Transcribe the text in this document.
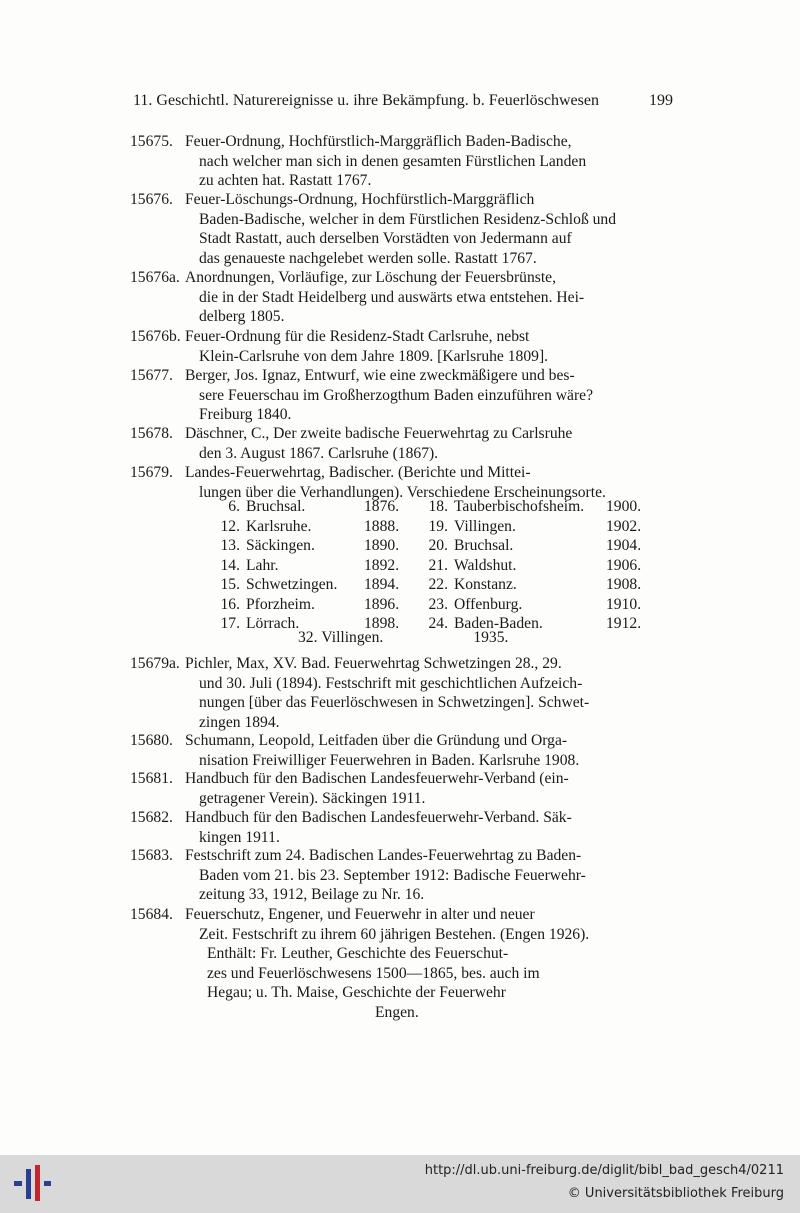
11. Geschichtl. Naturereignisse u. ihre Bekämpfung. b. Feuerlöschwesen	199
15675. Feuer-Ordnung, Hochfürstlich-Marggräflich Baden-Badische,
nach welcher man sich in denen gesamten Fürstlichen Landen
zu achten hat. Rastatt 1767.
15676. Feuer-Löschungs-Ordnung, Hochfürstlich-Marggräflich
Baden-Badische, welcher in dem Fürstlichen Residenz-Schloß und
Stadt Rastatt, auch derselben Vorstädten von Jedermann auf
das genaueste nachgelebet werden solle. Rastatt 1767.
15676a. Anordnungen, Vorläufige, zur Löschung der Feuersbrünste,
die in der Stadt Heidelberg und auswärts etwa entstehen. Hei-
delberg 1805.
15676b. Feuer-Ordnung für die Residenz-Stadt Carlsruhe, nebst
Klein-Carlsruhe von dem Jahre 1809. [Karlsruhe 1809].
15677. Berger, Jos. Ignaz, Entwurf, wie eine zweckmäßigere und bes-
sere Feuerschau im Großherzogthum Baden einzuführen wäre?
Freiburg 1840.
15678. Däschner, C., Der zweite badische Feuerwehrtag zu Carlsruhe
den 3. August 1867. Carlsruhe (1867).
15679. Landes-Feuerwehrtag, Badischer. (Berichte und Mittei-
lungen über die Verhandlungen). Verschiedene Erscheinungsorte.
15679a. Pichler, Max, XV. Bad. Feuerwehrtag Schwetzingen 28., 29.
und 30. Juli (1894). Festschrift mit geschichtlichen Aufzeich-
nungen [über das Feuerlöschwesen in Schwetzingen]. Schwet-
zingen 1894.
15680. Schumann, Leopold, Leitfaden über die Gründung und Orga-
nisation Freiwilliger Feuerwehren in Baden. Karlsruhe 1908.
15681. Handbuch für den Badischen Landesfeuerwehr-Verband (ein-
getragener Verein). Säckingen 1911.
15682. Handbuch für den Badischen Landesfeuerwehr-Verband. Säk-
kingen 1911.
15683. Festschrift zum 24. Badischen Landes-Feuerwehrtag zu Baden-
Baden vom 21. bis 23. September 1912: Badische Feuerwehr-
zeitung 33, 1912, Beilage zu Nr. 16.
15684. Feuerschutz, Engener, und Feuerwehr in alter und neuer
Zeit. Festschrift zu ihrem 60 jährigen Bestehen. (Engen 1926).
Enthält: Fr. Leuther, Geschichte des Feuerschut-
zes und Feuerlöschwesens 1500—1865, bes. auch im
Hegau; u. Th. Maise, Geschichte der Feuerwehr
Engen.
6.	Bruchsal.	1876.	18.	Tauberbischofsheim.	1900.
12.	Karlsruhe.	1888.	19.	Villingen.	1902.
13.	Säckingen.	1890.	20.	Bruchsal.	1904.
14.	Lahr.	1892.	21.	Waldshut.	1906.
15.	Schwetzingen.	1894.	22.	Konstanz.	1908.
16.	Pforzheim.	1896.	23.	Offenburg.	1910.
17.	Lörrach.	1898.	24.	Baden-Baden.	1912.
32. Villingen.	1935.
http://dl.ub.uni-freiburg.de/diglit/bibl_bad_gesch4/0211
© Universitätsbibliothek Freiburg
